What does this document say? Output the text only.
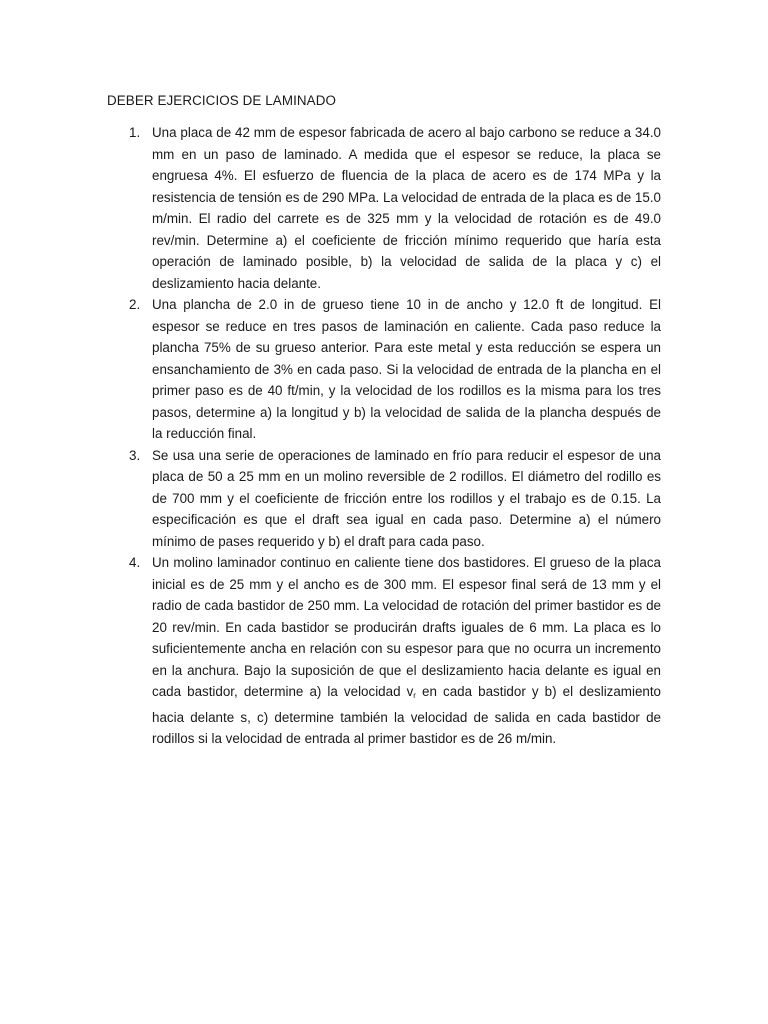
DEBER EJERCICIOS DE LAMINADO
1. Una placa de 42 mm de espesor fabricada de acero al bajo carbono se reduce a 34.0 mm en un paso de laminado. A medida que el espesor se reduce, la placa se engruesa 4%. El esfuerzo de fluencia de la placa de acero es de 174 MPa y la resistencia de tensión es de 290 MPa. La velocidad de entrada de la placa es de 15.0 m/min. El radio del carrete es de 325 mm y la velocidad de rotación es de 49.0 rev/min. Determine a) el coeficiente de fricción mínimo requerido que haría esta operación de laminado posible, b) la velocidad de salida de la placa y c) el deslizamiento hacia delante.
2. Una plancha de 2.0 in de grueso tiene 10 in de ancho y 12.0 ft de longitud. El espesor se reduce en tres pasos de laminación en caliente. Cada paso reduce la plancha 75% de su grueso anterior. Para este metal y esta reducción se espera un ensanchamiento de 3% en cada paso. Si la velocidad de entrada de la plancha en el primer paso es de 40 ft/min, y la velocidad de los rodillos es la misma para los tres pasos, determine a) la longitud y b) la velocidad de salida de la plancha después de la reducción final.
3. Se usa una serie de operaciones de laminado en frío para reducir el espesor de una placa de 50 a 25 mm en un molino reversible de 2 rodillos. El diámetro del rodillo es de 700 mm y el coeficiente de fricción entre los rodillos y el trabajo es de 0.15. La especificación es que el draft sea igual en cada paso. Determine a) el número mínimo de pases requerido y b) el draft para cada paso.
4. Un molino laminador continuo en caliente tiene dos bastidores. El grueso de la placa inicial es de 25 mm y el ancho es de 300 mm. El espesor final será de 13 mm y el radio de cada bastidor de 250 mm. La velocidad de rotación del primer bastidor es de 20 rev/min. En cada bastidor se producirán drafts iguales de 6 mm. La placa es lo suficientemente ancha en relación con su espesor para que no ocurra un incremento en la anchura. Bajo la suposición de que el deslizamiento hacia delante es igual en cada bastidor, determine a) la velocidad $v_r$ en cada bastidor y b) el deslizamiento hacia delante s, c) determine también la velocidad de salida en cada bastidor de rodillos si la velocidad de entrada al primer bastidor es de 26 m/min.
